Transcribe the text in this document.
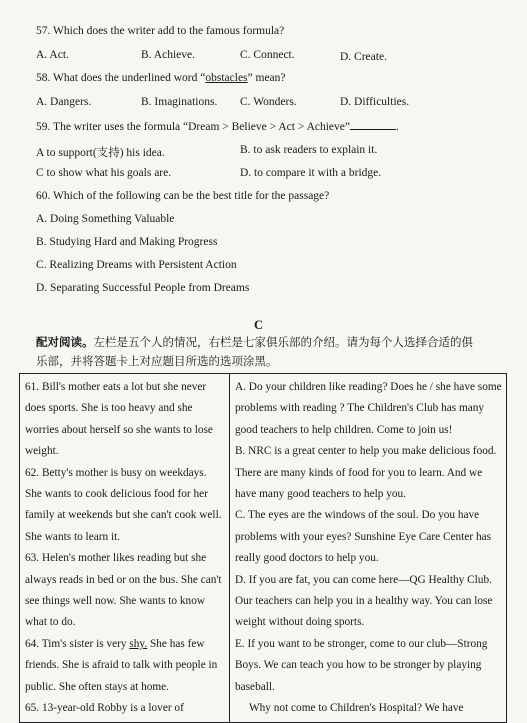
57. Which does the writer add to the famous formula?
A. Act.	B. Achieve.	C. Connect.	D. Create.
58. What does the underlined word “obstacles” mean?
A. Dangers.	B. Imaginations. C. Wonders.	D. Difficulties.
59. The writer uses the formula “Dream > Believe > Act > Achieve”	.
A to support(支持) his idea.	B. to ask readers to explain it.
C to show what his goals are.	D. to compare it with a bridge.
60. Which of the following can be the best title for the passage?
A. Doing Something Valuable
B. Studying Hard and Making Progress
C. Realizing Dreams with Persistent Action
D. Separating Successful People from Dreams
C
配对阅读。左栏是五个人的情况，右栏是七家俱乐部的介绍。请为每个人选择合适的俱
乐部，并将答题卡上对应题目所选的选项涂黑。
61. Bill's mother eats a lot but she never does sports. She is too heavy and she worries about herself so she wants to lose weight.
62. Betty's mother is busy on weekdays. She wants to cook delicious food for her family at weekends but she can't cook well. She wants to learn it.
63. Helen's mother likes reading but she always reads in bed or on the bus. She can't see things well now. She wants to know what to do.
64. Tim's sister is very shy. She has few friends. She is afraid to talk with people in public. She often stays at home.
65. 13-year-old Robby is a lover of

A. Do your children like reading? Does he / she have some problems with reading ? The Children's Club has many good teachers to help children. Come to join us!
B. NRC is a great center to help you make delicious food. There are many kinds of food for you to learn. And we have many good teachers to help you.
C. The eyes are the windows of the soul. Do you have problems with your eyes? Sunshine Eye Care Center has really good doctors to help you.
D. If you are fat, you can come here—QG Healthy Club. Our teachers can help you in a healthy way. You can lose weight without doing sports.
E. If you want to be stronger, come to our club—Strong Boys. We can teach you how to be stronger by playing baseball.
Why not come to Children's Hospital? We have
